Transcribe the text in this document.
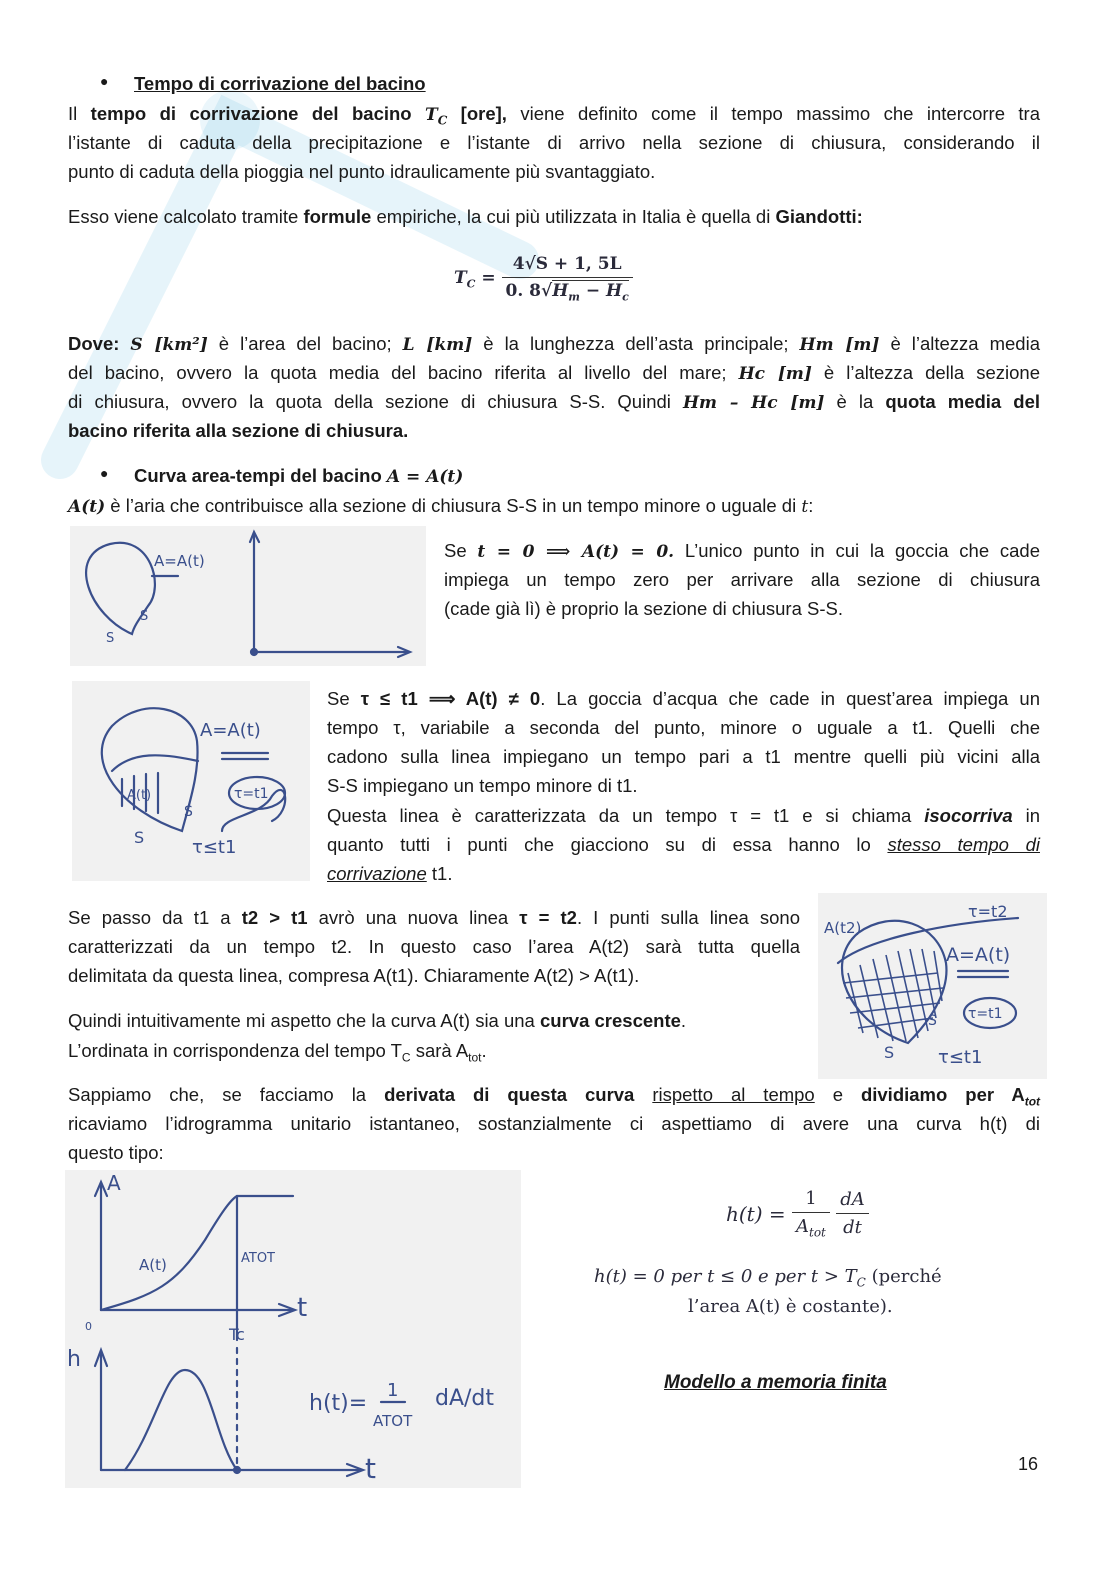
● Tempo di corrivazione del bacino
Il tempo di corrivazione del bacino $T_C$ [ore], viene definito come il tempo massimo che intercorre tra
l’istante di caduta della precipitazione e l’istante di arrivo nella sezione di chiusura, considerando il
punto di caduta della pioggia nel punto idraulicamente più svantaggiato.
Esso viene calcolato tramite formule empiriche, la cui più utilizzata in Italia è quella di Giandotti:
$T_C = \frac{4√S + 1, 5L}{0. 8√H_m - H_c}$
Dove: S [km²] è l’area del bacino; L [km] è la lunghezza dell’asta principale; Hm [m] è l’altezza media
del bacino, ovvero la quota media del bacino riferita al livello del mare; Hc [m] è l’altezza della sezione
di chiusura, ovvero la quota della sezione di chiusura S-S. Quindi Hm – Hc [m] è la quota media del
bacino riferita alla sezione di chiusura.
● Curva area-tempi del bacino A = A(t)
A(t) è l’aria che contribuisce alla sezione di chiusura S-S in un tempo minore o uguale di t:
A=A(t)
S
S
Se t = 0 ⟹ A(t) = 0. L’unico punto in cui la goccia che cade
impiega un tempo zero per arrivare alla sezione di chiusura
(cade già lì) è proprio la sezione di chiusura S-S.
A=A(t)
A(t)	τ=t1
S
S	τ≤t1
Se τ ≤ t1 ⟹ A(t) ≠ 0. La goccia d’acqua che cade in quest’area impiega un
tempo τ, variabile a seconda del punto, minore o uguale a t1. Quelli che
cadono sulla linea impiegano un tempo pari a t1 mentre quelli più vicini alla
S-S impiegano un tempo minore di t1.
Questa linea è caratterizzata da un tempo τ = t1 e si chiama isocorriva in
quanto tutti i punti che giacciono su di essa hanno lo stesso tempo di
corrivazione t1.
A(t2)
τ=t2
A=A(t)
τ=t1
S
S τ≤t1
Se passo da t1 a t2 > t1 avrò una nuova linea τ = t2. I punti sulla linea sono
caratterizzati da un tempo t2. In questo caso l’area A(t2) sarà tutta quella
delimitata da questa linea, compresa A(t1). Chiaramente A(t2) > A(t1).
Quindi intuitivamente mi aspetto che la curva A(t) sia una curva crescente.
L’ordinata in corrispondenza del tempo $T_C$ sarà $A_{tot}$.
Sappiamo che, se facciamo la derivata di questa curva rispetto al tempo e dividiamo per $A_{tot}$
ricaviamo l’idrogramma unitario istantaneo, sostanzialmente ci aspettiamo di avere una curva h(t) di
questo tipo:
A
A(t)	ATOT
t
Tc
0
h
t
h(t)=
1
ATOT
dA/dt
$h(t) = \frac{1}{A_{tot}}$
$\frac{dA}{dt}$
h(t) = 0 per t ≤ 0 e per $t > T_C$ (perché
l’area A(t) è costante).
Modello a memoria finita
16
